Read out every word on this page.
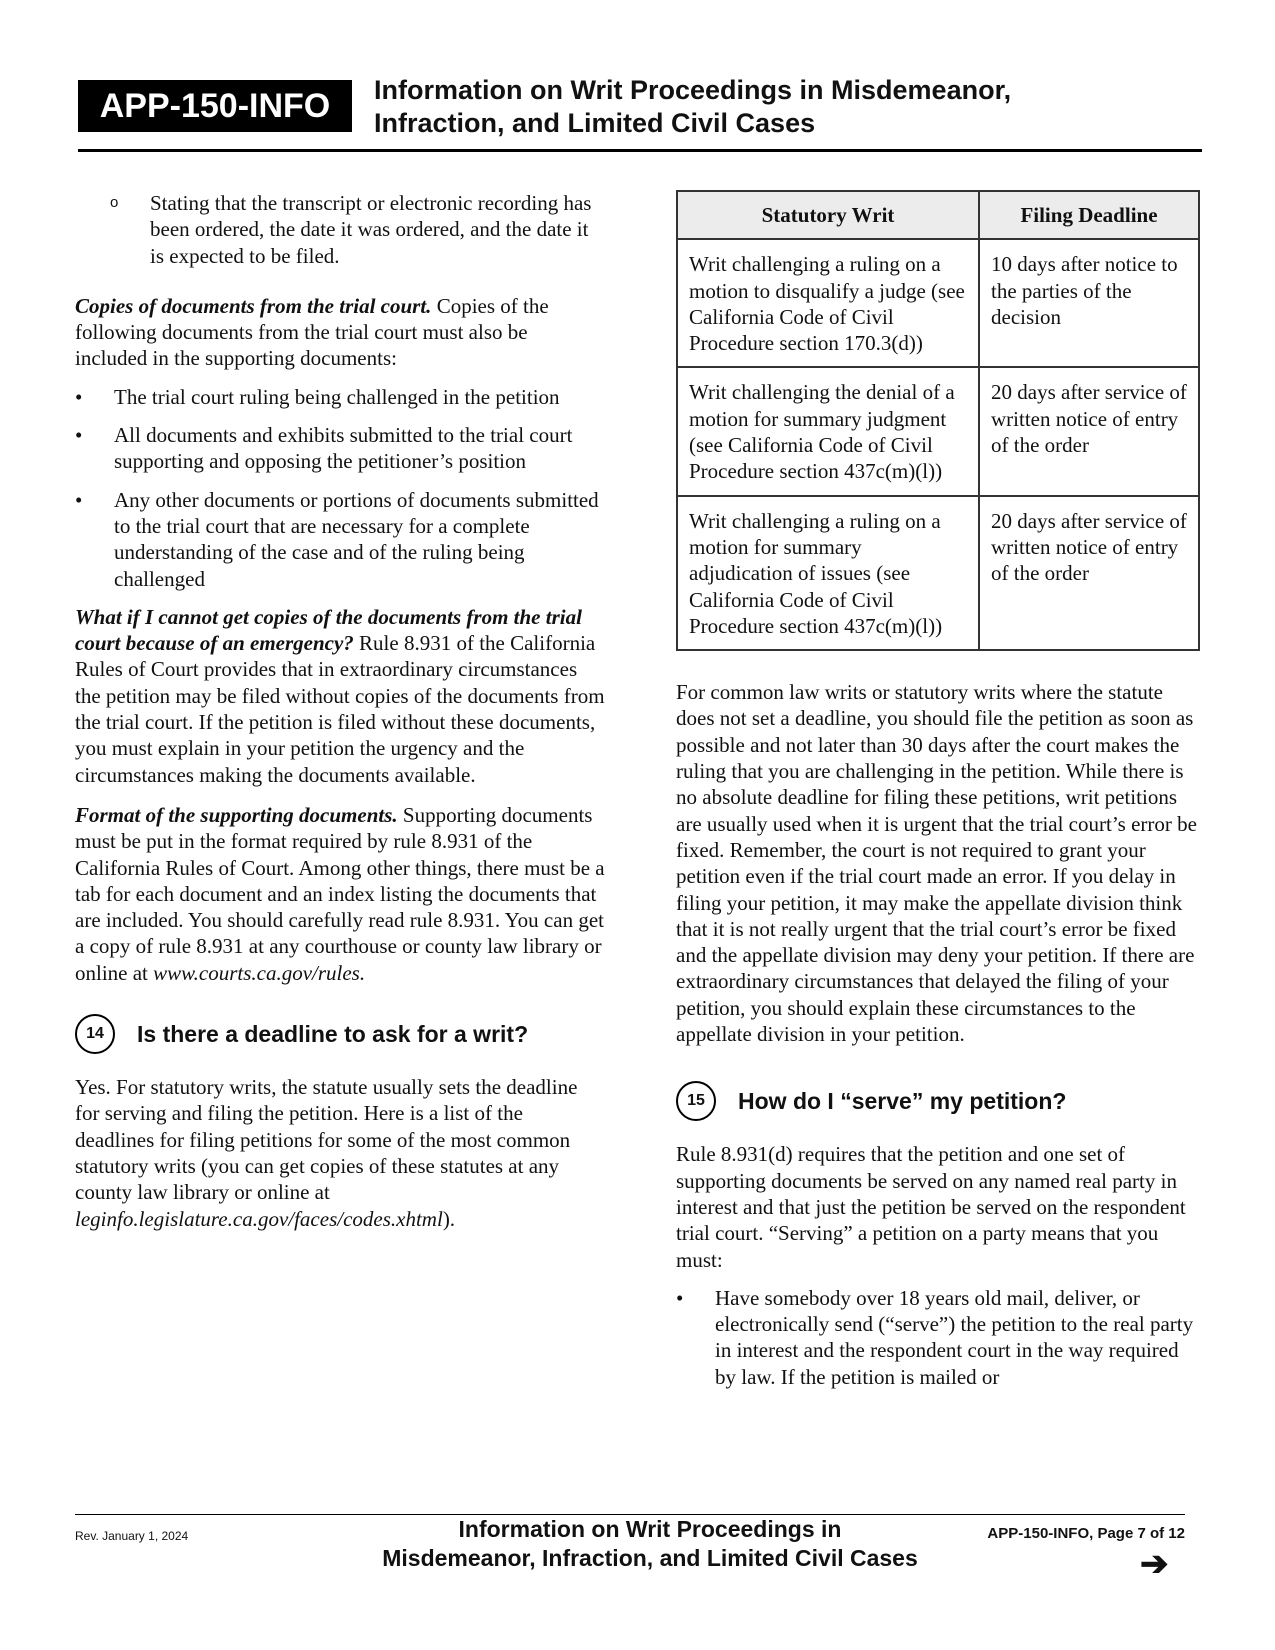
APP-150-INFO	Information on Writ Proceedings in Misdemeanor,
Infraction, and Limited Civil Cases

o Stating that the transcript or electronic recording has been ordered, the date it was ordered, and the date it is expected to be filed.

Copies of documents from the trial court. Copies of the following documents from the trial court must also be included in the supporting documents:

• The trial court ruling being challenged in the petition
• All documents and exhibits submitted to the trial court supporting and opposing the petitioner’s position
• Any other documents or portions of documents submitted to the trial court that are necessary for a complete understanding of the case and of the ruling being challenged

What if I cannot get copies of the documents from the trial court because of an emergency? Rule 8.931 of the California Rules of Court provides that in extraordinary circumstances the petition may be filed without copies of the documents from the trial court. If the petition is filed without these documents, you must explain in your petition the urgency and the circumstances making the documents available.

Format of the supporting documents. Supporting documents must be put in the format required by rule 8.931 of the California Rules of Court. Among other things, there must be a tab for each document and an index listing the documents that are included. You should carefully read rule 8.931. You can get a copy of rule 8.931 at any courthouse or county law library or online at www.courts.ca.gov/rules.

14	Is there a deadline to ask for a writ?

Yes. For statutory writs, the statute usually sets the deadline for serving and filing the petition. Here is a list of the deadlines for filing petitions for some of the most common statutory writs (you can get copies of these statutes at any county law library or online at leginfo.legislature.ca.gov/faces/codes.xhtml).

Statutory Writ	Filing Deadline
Writ challenging a ruling on a motion to disqualify a judge (see California Code of Civil Procedure section 170.3(d))	10 days after notice to the parties of the decision
Writ challenging the denial of a motion for summary judgment (see California Code of Civil Procedure section 437c(m)(l))	20 days after service of written notice of entry of the order
Writ challenging a ruling on a motion for summary adjudication of issues (see California Code of Civil Procedure section 437c(m)(l))	20 days after service of written notice of entry of the order

For common law writs or statutory writs where the statute does not set a deadline, you should file the petition as soon as possible and not later than 30 days after the court makes the ruling that you are challenging in the petition. While there is no absolute deadline for filing these petitions, writ petitions are usually used when it is urgent that the trial court’s error be fixed. Remember, the court is not required to grant your petition even if the trial court made an error. If you delay in filing your petition, it may make the appellate division think that it is not really urgent that the trial court’s error be fixed and the appellate division may deny your petition. If there are extraordinary circumstances that delayed the filing of your petition, you should explain these circumstances to the appellate division in your petition.

15	How do I “serve” my petition?

Rule 8.931(d) requires that the petition and one set of supporting documents be served on any named real party in interest and that just the petition be served on the respondent trial court. “Serving” a petition on a party means that you must:

• Have somebody over 18 years old mail, deliver, or electronically send (“serve”) the petition to the real party in interest and the respondent court in the way required by law. If the petition is mailed or
Rev. January 1, 2024	Information on Writ Proceedings in
Misdemeanor, Infraction, and Limited Civil Cases
APP-150-INFO, Page 7 of 12
➔
